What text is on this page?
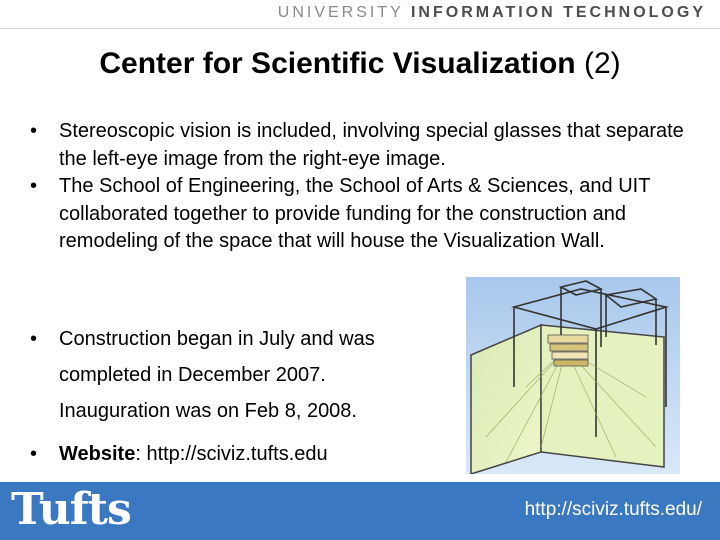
UNIVERSITY INFORMATION TECHNOLOGY
Center for Scientific Visualization (2)
• Stereoscopic vision is included, involving special glasses that separate the left-eye image from the right-eye image.

• The School of Engineering, the School of Arts & Sciences, and UIT collaborated together to provide funding for the construction and remodeling of the space that will house the Visualization Wall.

• Construction began in July and was
completed in December 2007.
Inauguration was on Feb 8, 2008.
• Website: http://sciviz.tufts.edu
Tufts	http://sciviz.tufts.edu/
